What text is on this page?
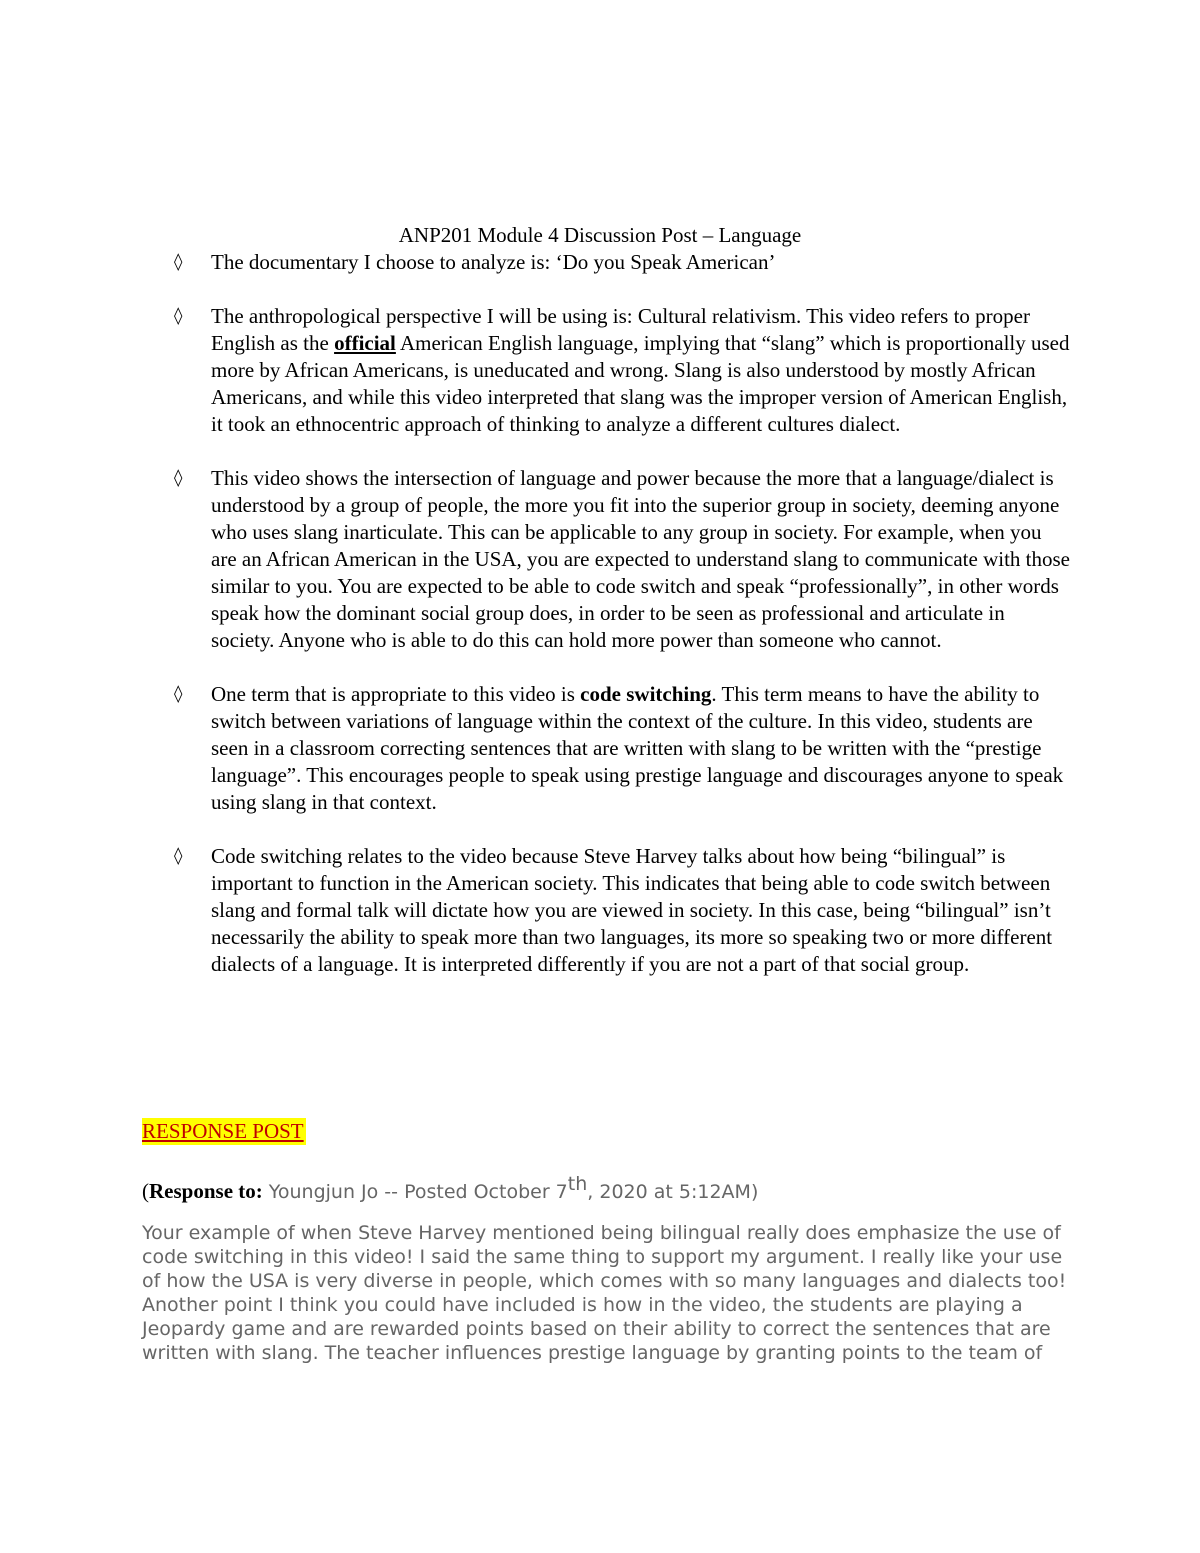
ANP201 Module 4 Discussion Post – Language
◊ The documentary I choose to analyze is: ‘Do you Speak American’
◊ The anthropological perspective I will be using is: Cultural relativism. This video refers to proper English as the official American English language, implying that “slang” which is proportionally used more by African Americans, is uneducated and wrong. Slang is also understood by mostly African Americans, and while this video interpreted that slang was the improper version of American English, it took an ethnocentric approach of thinking to analyze a different cultures dialect.
◊ This video shows the intersection of language and power because the more that a language/dialect is understood by a group of people, the more you fit into the superior group in society, deeming anyone who uses slang inarticulate. This can be applicable to any group in society. For example, when you are an African American in the USA, you are expected to understand slang to communicate with those similar to you. You are expected to be able to code switch and speak “professionally”, in other words speak how the dominant social group does, in order to be seen as professional and articulate in society. Anyone who is able to do this can hold more power than someone who cannot.
◊ One term that is appropriate to this video is code switching. This term means to have the ability to switch between variations of language within the context of the culture. In this video, students are seen in a classroom correcting sentences that are written with slang to be written with the “prestige language”. This encourages people to speak using prestige language and discourages anyone to speak using slang in that context.
◊ Code switching relates to the video because Steve Harvey talks about how being “bilingual” is important to function in the American society. This indicates that being able to code switch between slang and formal talk will dictate how you are viewed in society. In this case, being “bilingual” isn’t necessarily the ability to speak more than two languages, its more so speaking two or more different dialects of a language. It is interpreted differently if you are not a part of that social group.
RESPONSE POST
(Response to: Youngjun Jo -- Posted October 7th, 2020 at 5:12AM)

Your example of when Steve Harvey mentioned being bilingual really does emphasize the use of code switching in this video! I said the same thing to support my argument. I really like your use of how the USA is very diverse in people, which comes with so many languages and dialects too! Another point I think you could have included is how in the video, the students are playing a Jeopardy game and are rewarded points based on their ability to correct the sentences that are written with slang. The teacher influences prestige language by granting points to the team of
